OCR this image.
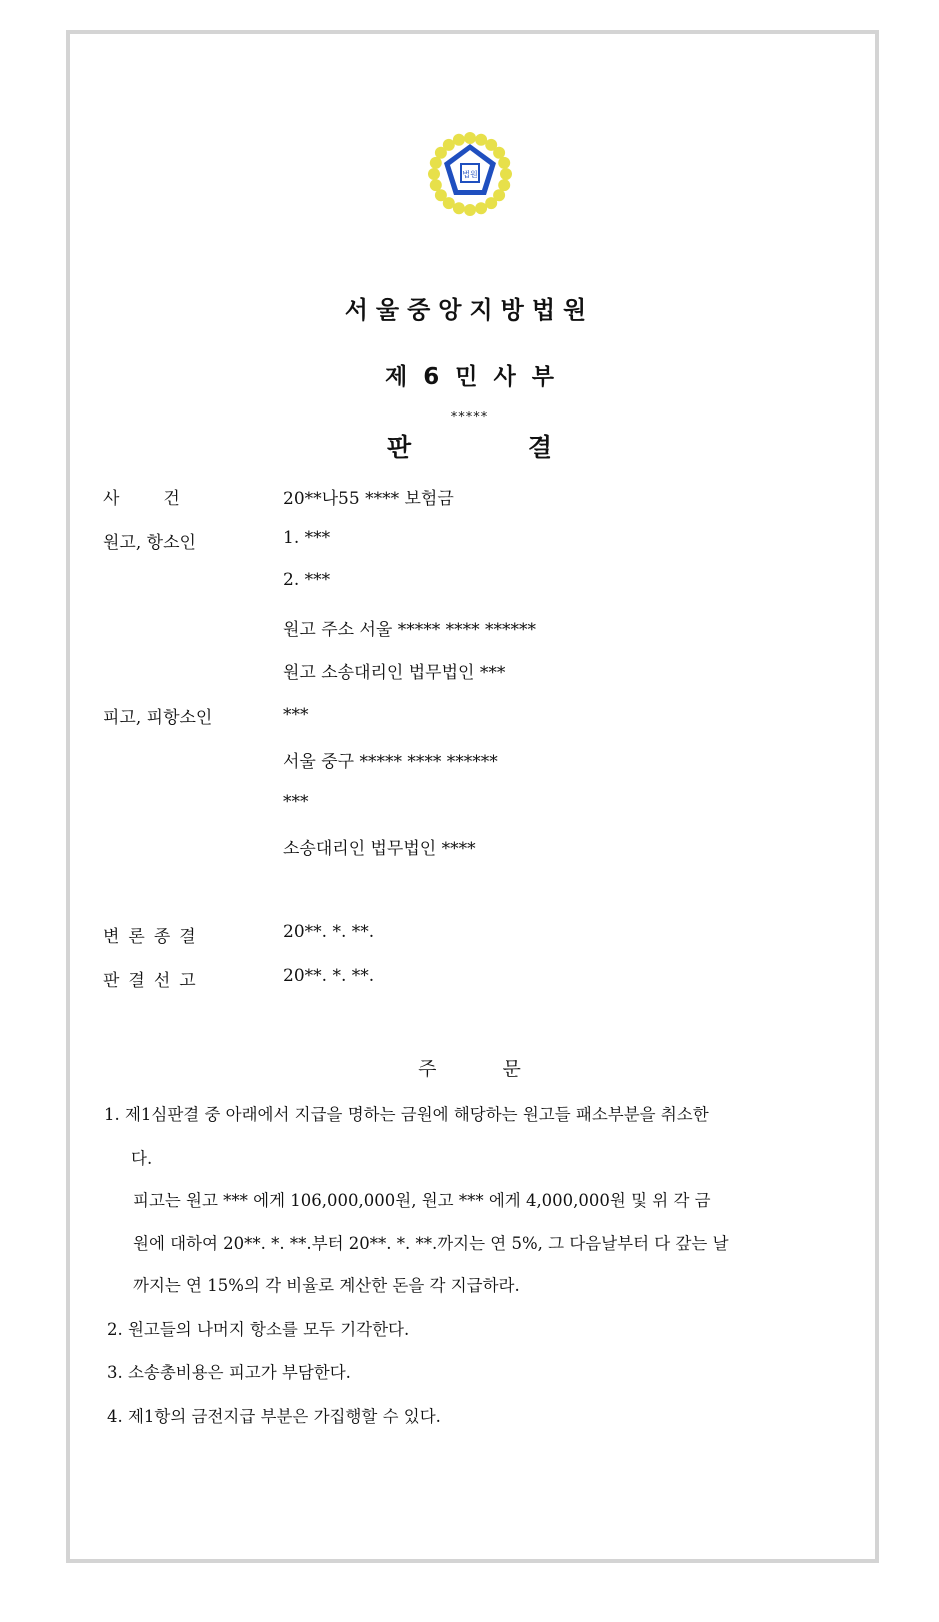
법원
서울중앙지방법원
제 6 민 사 부
*****
판 결
사건	20**나55 **** 보험금
원고, 항소인	1. ***
2. ***
원고 주소 서울 ***** **** ******
원고 소송대리인 법무법인 ***
피고, 피항소인	***
서울 중구 ***** **** ******
***
소송대리인 법무법인 ****
변론종결	20**. *. **.
판결선고	20**. *. **.
주 문
1. 제1심판결 중 아래에서 지급을 명하는 금원에 해당하는 원고들 패소부분을 취소한
다.
피고는 원고 *** 에게 106,000,000원, 원고 *** 에게 4,000,000원 및 위 각 금
원에 대하여 20**. *. **.부터 20**. *. **.까지는 연 5%, 그 다음날부터 다 갚는 날
까지는 연 15%의 각 비율로 계산한 돈을 각 지급하라.
2. 원고들의 나머지 항소를 모두 기각한다.
3. 소송총비용은 피고가 부담한다.
4. 제1항의 금전지급 부분은 가집행할 수 있다.
